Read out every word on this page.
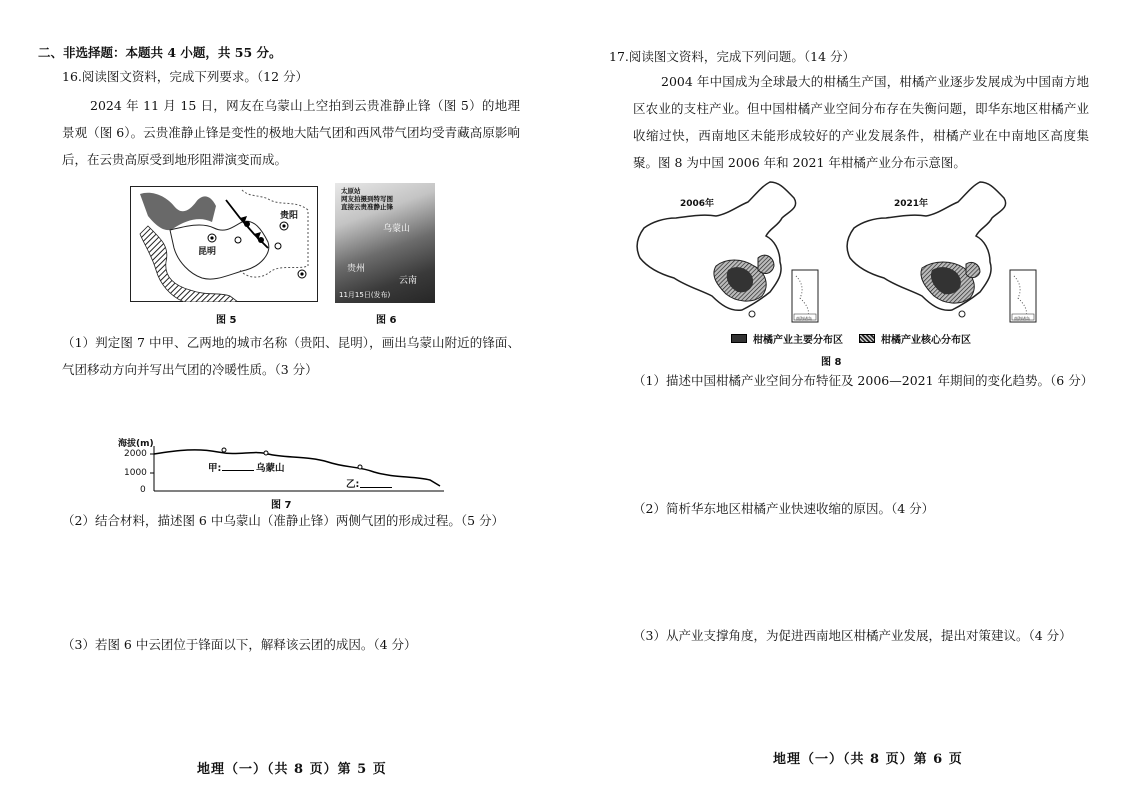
二、非选择题：本题共 4 小题，共 55 分。
16.阅读图文资料，完成下列要求。（12 分）
2024 年 11 月 15 日，网友在乌蒙山上空拍到云贵准静止锋（图 5）的地理景观（图 6）。云贵准静止锋是变性的极地大陆气团和西风带气团均受青藏高原影响后，在云贵高原受到地形阻滞演变而成。
贵阳
昆明
图 5
太原站
网友拍摄到特写图
直接云贵准静止锋
乌蒙山
贵州
云南
11月15日(发布)
图 6
（1）判定图 7 中甲、乙两地的城市名称（贵阳、昆明），画出乌蒙山附近的锋面、气团移动方向并写出气团的冷暖性质。（3 分）
海拔(m)
2000
1000
0
甲:	乌蒙山
乙:
图 7
（2）结合材料，描述图 6 中乌蒙山（准静止锋）两侧气团的形成过程。（5 分）
（3）若图 6 中云团位于锋面以下，解释该云团的成因。（4 分）
地理（一）（共 8 页）第 5 页
17.阅读图文资料，完成下列问题。（14 分）
2004 年中国成为全球最大的柑橘生产国，柑橘产业逐步发展成为中国南方地区农业的支柱产业。但中国柑橘产业空间分布存在失衡问题，即华东地区柑橘产业收缩过快，西南地区未能形成较好的产业发展条件，柑橘产业在中南地区高度集聚。图 8 为中国 2006 年和 2021 年柑橘产业分布示意图。
2006年
南海诸岛
2021年
南海诸岛
柑橘产业主要分布区	柑橘产业核心分布区
图 8
（1）描述中国柑橘产业空间分布特征及 2006—2021 年期间的变化趋势。（6 分）
（2）简析华东地区柑橘产业快速收缩的原因。（4 分）
（3）从产业支撑角度，为促进西南地区柑橘产业发展，提出对策建议。（4 分）
地理（一）（共 8 页）第 6 页
